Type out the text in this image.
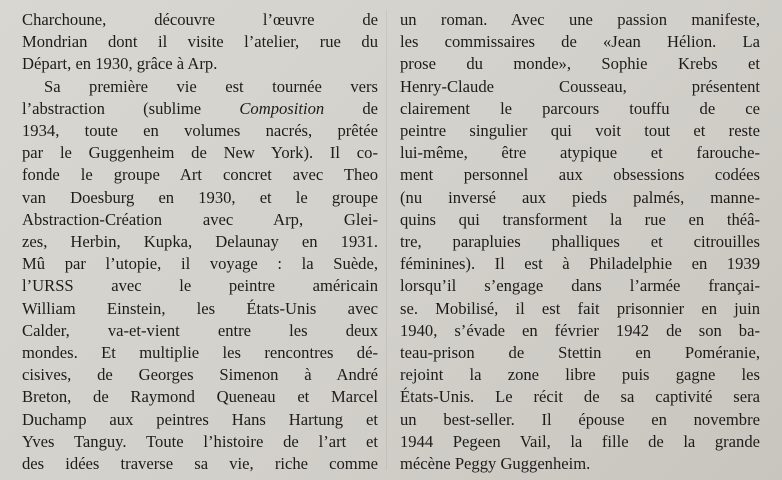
Charchoune, découvre l’œuvre de
Mondrian dont il visite l’atelier, rue du
Départ, en 1930, grâce à Arp.
Sa première vie est tournée vers
l’abstraction (sublime Composition de
1934, toute en volumes nacrés, prêtée
par le Guggenheim de New York). Il co-
fonde le groupe Art concret avec Theo
van Doesburg en 1930, et le groupe
Abstraction-Création avec Arp, Glei-
zes, Herbin, Kupka, Delaunay en 1931.
Mû par l’utopie, il voyage : la Suède,
l’URSS avec le peintre américain
William Einstein, les États-Unis avec
Calder, va-et-vient entre les deux
mondes. Et multiplie les rencontres dé-
cisives, de Georges Simenon à André
Breton, de Raymond Queneau et Marcel
Duchamp aux peintres Hans Hartung et
Yves Tanguy. Toute l’histoire de l’art et
des idées traverse sa vie, riche comme
un roman. Avec une passion manifeste,
les commissaires de «Jean Hélion. La
prose du monde», Sophie Krebs et
Henry-Claude Cousseau, présentent
clairement le parcours touffu de ce
peintre singulier qui voit tout et reste
lui-même, être atypique et farouche-
ment personnel aux obsessions codées
(nu inversé aux pieds palmés, manne-
quins qui transforment la rue en théâ-
tre, parapluies phalliques et citrouilles
féminines). Il est à Philadelphie en 1939
lorsqu’il s’engage dans l’armée françai-
se. Mobilisé, il est fait prisonnier en juin
1940, s’évade en février 1942 de son ba-
teau-prison de Stettin en Poméranie,
rejoint la zone libre puis gagne les
États-Unis. Le récit de sa captivité sera
un best-seller. Il épouse en novembre
1944 Pegeen Vail, la fille de la grande
mécène Peggy Guggenheim.
